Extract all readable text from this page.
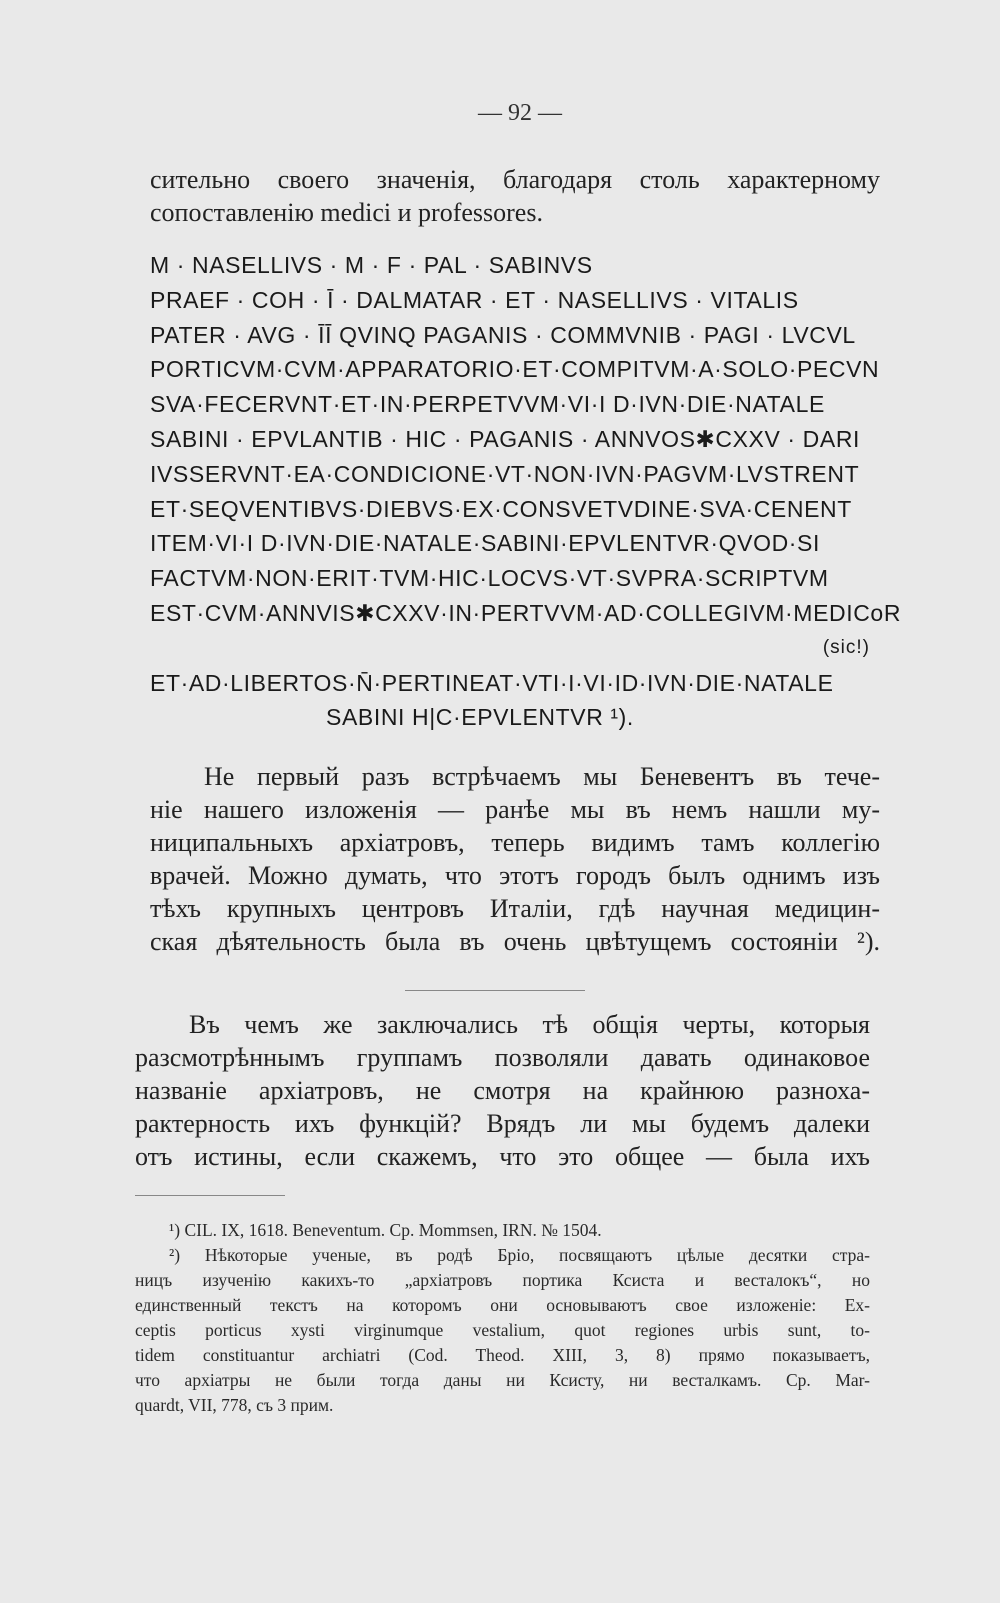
— 92 —
сительно своего значенія, благодаря столь характерному
сопоставленію medici и professores.
M · NASELLIVS · M · F · PAL · SABINVS
PRAEF · COH · Ī · DALMATAR · ET · NASELLIVS · VITALIS
PATER · AVG · ĪĪ QVINQ PAGANIS · COMMVNIB · PAGI · LVCVL
PORTICVM·CVM·APPARATORIO·ET·COMPITVM·A·SOLO·PECVN
SVA·FECERVNT·ET·IN·PERPETVVM·VI·I D·IVN·DIE·NATALE
SABINI · EPVLANTIB · HIC · PAGANIS · ANNVOS✱CXXV · DARI
IVSSERVNT·EA·CONDICIONE·VT·NON·IVN·PAGVM·LVSTRENT
ET·SEQVENTIBVS·DIEBVS·EX·CONSVETVDINE·SVA·CENENT
ITEM·VI·I D·IVN·DIE·NATALE·SABINI·EPVLENTVR·QVOD·SI
FACTVM·NON·ERIT·TVM·HIC·LOCVS·VT·SVPRA·SCRIPTVM
EST·CVM·ANNVIS✱CXXV·IN·PERTVVM·AD·COLLEGIVM·MEDICoR
(sic!)
ET·AD·LIBERTOS·N̄·PERTINEAT·VTI·I·VI·ID·IVN·DIE·NATALE
SABINI H|C·EPVLENTVR ¹).
Не первый разъ встрѣчаемъ мы Беневентъ въ тече-
ніе нашего изложенія — ранѣе мы въ немъ нашли му-
ниципальныхъ архіатровъ, теперь видимъ тамъ коллегію
врачей. Можно думать, что этотъ городъ былъ однимъ изъ
тѣхъ крупныхъ центровъ Италіи, гдѣ научная медицин-
ская дѣятельность была въ очень цвѣтущемъ состояніи ²).
Въ чемъ же заключались тѣ общія черты, которыя
разсмотрѣннымъ группамъ позволяли давать одинаковое
названіе архіатровъ, не смотря на крайнюю разноха-
рактерность ихъ функцій? Врядъ ли мы будемъ далеки
отъ истины, если скажемъ, что это общее — была ихъ
¹) CIL. IX, 1618. Beneventum. Ср. Mommsen, IRN. № 1504.
²) Нѣкоторые ученые, въ родѣ Бріо, посвящаютъ цѣлые десятки стра-
ницъ изученію какихъ-то „архіатровъ портика Ксиста и весталокъ“, но
единственный текстъ на которомъ они основываютъ свое изложеніе: Ex-
ceptis porticus xysti virginumque vestalium, quot regiones urbis sunt, to-
tidem constituantur archiatri (Cod. Theod. XIII, 3, 8) прямо показываетъ,
что архіатры не были тогда даны ни Ксисту, ни весталкамъ. Ср. Mar-
quardt, VII, 778, съ 3 прим.
